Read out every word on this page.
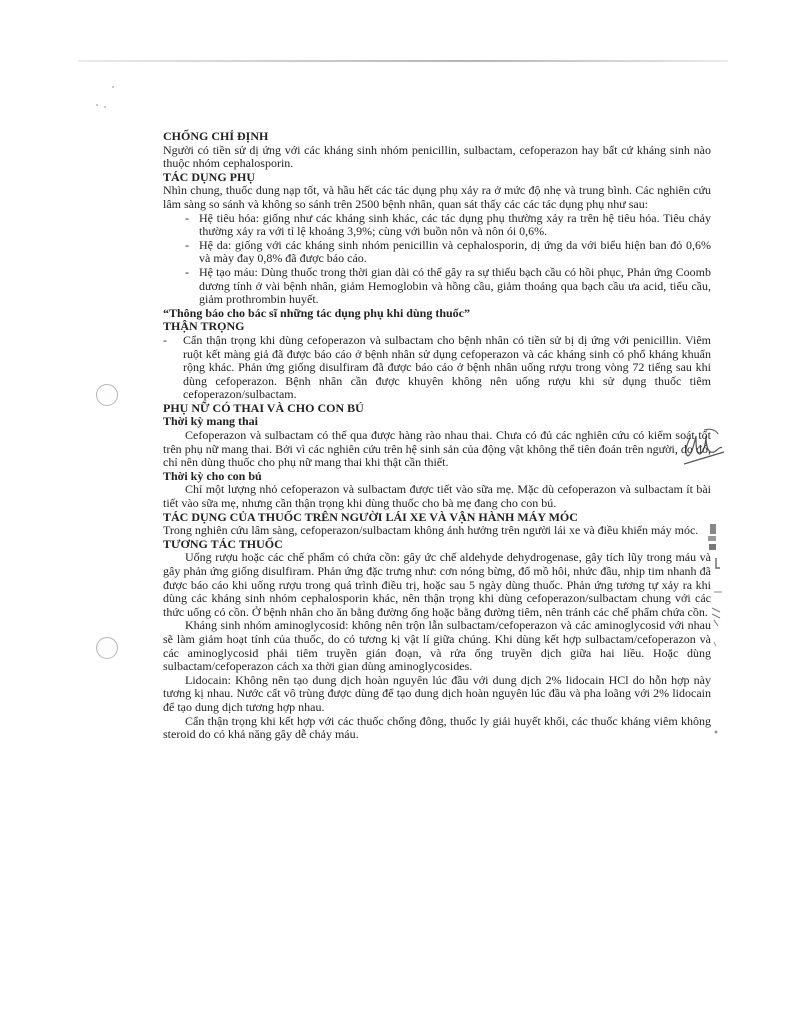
CHỐNG CHỈ ĐỊNH

Người có tiền sử dị ứng với các kháng sinh nhóm penicillin, sulbactam, cefoperazon hay bất cứ kháng sinh nào thuộc nhóm cephalosporin.

TÁC DỤNG PHỤ

Nhìn chung, thuốc dung nạp tốt, và hầu hết các tác dụng phụ xảy ra ở mức độ nhẹ và trung bình. Các nghiên cứu lâm sàng so sánh và không so sánh trên 2500 bệnh nhân, quan sát thấy các các tác dụng phụ như sau:

- Hệ tiêu hóa: giống như các kháng sinh khác, các tác dụng phụ thường xảy ra trên hệ tiêu hóa. Tiêu chảy thường xảy ra với tỉ lệ khoảng 3,9%; cùng với buồn nôn và nôn ói 0,6%.
- Hệ da: giống với các kháng sinh nhóm penicillin và cephalosporin, dị ứng da với biểu hiện ban đỏ 0,6% và mày đay 0,8% đã được báo cáo.
- Hệ tạo máu: Dùng thuốc trong thời gian dài có thể gây ra sự thiếu bạch cầu có hồi phục, Phản ứng Coomb dương tính ở vài bệnh nhân, giảm Hemoglobin và hồng cầu, giảm thoáng qua bạch cầu ưa acid, tiểu cầu, giảm prothrombin huyết.
“Thông báo cho bác sĩ những tác dụng phụ khi dùng thuốc”
THẬN TRỌNG
- Cẩn thận trọng khi dùng cefoperazon và sulbactam cho bệnh nhân có tiền sử bị dị ứng với penicillin. Viêm ruột kết màng giả đã được báo cáo ở bệnh nhân sử dụng cefoperazon và các kháng sinh có phổ kháng khuẩn rộng khác. Phản ứng giống disulfiram đã được báo cáo ở bệnh nhân uống rượu trong vòng 72 tiếng sau khi dùng cefoperazon. Bệnh nhân cần được khuyên không nên uống rượu khi sử dụng thuốc tiêm cefoperazon/sulbactam.
PHỤ NỮ CÓ THAI VÀ CHO CON BÚ
Thời kỳ mang thai

Cefoperazon và sulbactam có thể qua được hàng rào nhau thai. Chưa có đủ các nghiên cứu có kiểm soát tốt trên phụ nữ mang thai. Bởi vì các nghiên cứu trên hệ sinh sản của động vật không thể tiên đoán trên người, do đó, chỉ nên dùng thuốc cho phụ nữ mang thai khi thật cần thiết.

Thời kỳ cho con bú

Chỉ một lượng nhỏ cefoperazon và sulbactam được tiết vào sữa mẹ. Mặc dù cefoperazon và sulbactam ít bài tiết vào sữa mẹ, nhưng cần thận trọng khi dùng thuốc cho bà mẹ đang cho con bú.

TÁC DỤNG CỦA THUỐC TRÊN NGƯỜI LÁI XE VÀ VẬN HÀNH MÁY MÓC

Trong nghiên cứu lâm sàng, cefoperazon/sulbactam không ảnh hưởng trên người lái xe và điều khiển máy móc.

TƯƠNG TÁC THUỐC

Uống rượu hoặc các chế phẩm có chứa cồn: gây ức chế aldehyde dehydrogenase, gây tích lũy trong máu và gây phản ứng giống disulfiram. Phản ứng đặc trưng như: cơn nóng bừng, đổ mồ hôi, nhức đầu, nhịp tim nhanh đã được báo cáo khi uống rượu trong quá trình điều trị, hoặc sau 5 ngày dùng thuốc. Phản ứng tương tự xảy ra khi dùng các kháng sinh nhóm cephalosporin khác, nên thận trọng khi dùng cefoperazon/sulbactam chung với các thức uống có cồn. Ở bệnh nhân cho ăn bằng đường ống hoặc bằng đường tiêm, nên tránh các chế phẩm chứa cồn.

Kháng sinh nhóm aminoglycosid: không nên trộn lẫn sulbactam/cefoperazon và các aminoglycosid với nhau sẽ làm giảm hoạt tính của thuốc, do có tương kị vật lí giữa chúng. Khi dùng kết hợp sulbactam/cefoperazon và các aminoglycosid phải tiêm truyền gián đoạn, và rửa ống truyền dịch giữa hai liều. Hoặc dùng sulbactam/cefoperazon cách xa thời gian dùng aminoglycosides.

Lidocain: Không nên tạo dung dịch hoàn nguyên lúc đầu với dung dịch 2% lidocain HCl do hỗn hợp này tương kị nhau. Nước cất vô trùng được dùng để tạo dung dịch hoàn nguyên lúc đầu và pha loãng với 2% lidocain để tạo dung dịch tương hợp nhau.

Cẩn thận trọng khi kết hợp với các thuốc chống đông, thuốc ly giải huyết khối, các thuốc kháng viêm không steroid do có khả năng gây dễ chảy máu.
